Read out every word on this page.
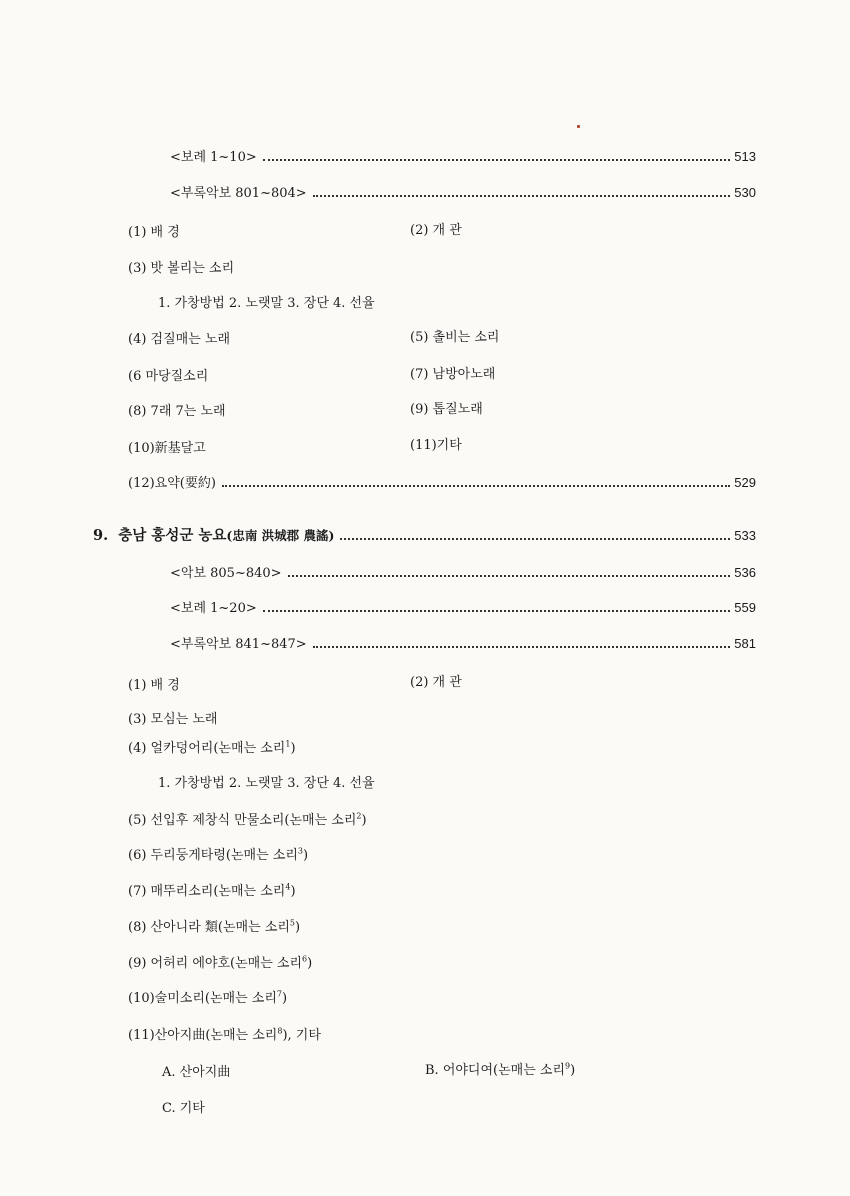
<보례 1~10>	513
<부록악보 801~804>	530
(1) 배 경	(2) 개 관
(3) 밧 볼리는 소리
1. 가창방법 2. 노랫말 3. 장단 4. 선율
(4) 검질매는 노래	(5) 촐비는 소리
(6 마당질소리	(7) 남방아노래
(8) 7래 7는 노래	(9) 톱질노래
(10)新基달고	(11)기타
(12)요약(要約)	529
9. 충남 홍성군 농요(忠南 洪城郡 農謠)	533
<악보 805~840>	536
<보례 1~20>	559
<부록악보 841~847>	581
(1) 배 경	(2) 개 관
(3) 모심는 노래
(4) 얼카덩어리(논매는 소리$^1$)
1. 가창방법 2. 노랫말 3. 장단 4. 선율
(5) 선입후 제창식 만물소리(논매는 소리$^2$)
(6) 두리둥게타령(논매는 소리$^3$)
(7) 매뚜리소리(논매는 소리$^4$)
(8) 산아니라 類(논매는 소리$^5$)
(9) 어허리 에야호(논매는 소리$^6$)
(10)술미소리(논매는 소리$^7$)
(11)산아지曲(논매는 소리$^8$), 기타
A. 산아지曲	B. 어야디여(논매는 소리$^9$)
C. 기타
